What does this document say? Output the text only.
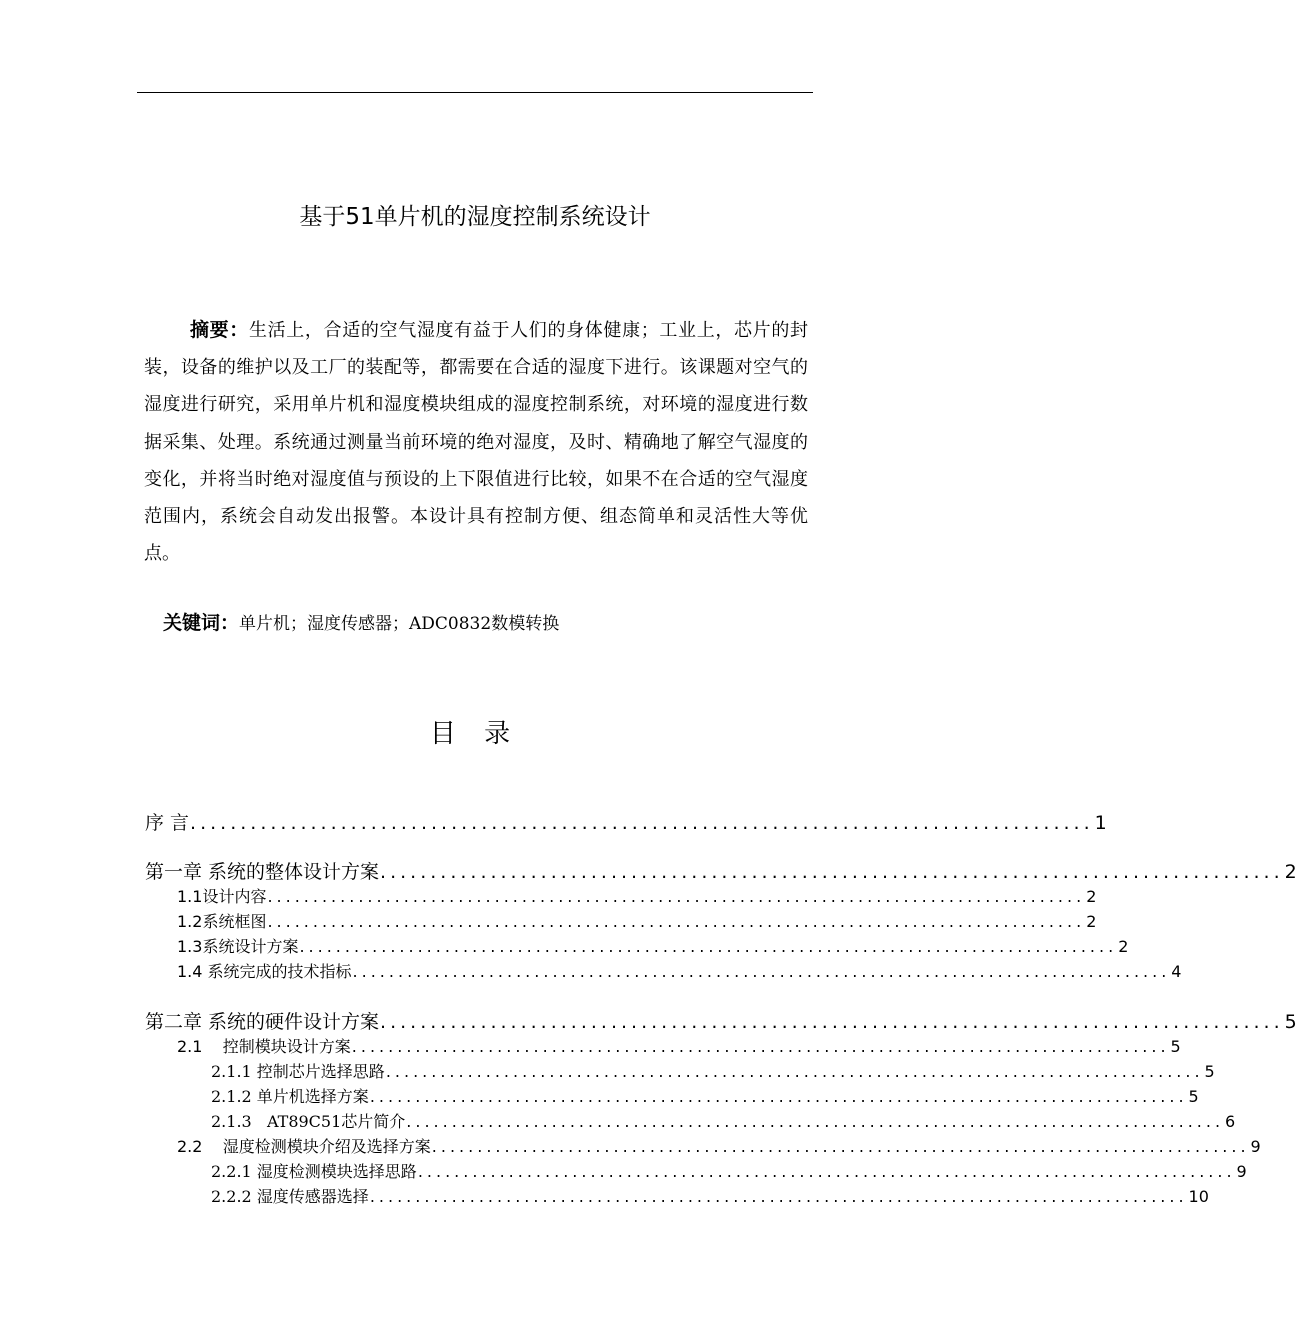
基于51单片机的湿度控制系统设计
摘要：生活上，合适的空气湿度有益于人们的身体健康；工业上，芯片的封装，设备的维护以及工厂的装配等，都需要在合适的湿度下进行。该课题对空气的湿度进行研究，采用单片机和湿度模块组成的湿度控制系统，对环境的湿度进行数据采集、处理。系统通过测量当前环境的绝对湿度，及时、精确地了解空气湿度的变化，并将当时绝对湿度值与预设的上下限值进行比较，如果不在合适的空气湿度范围内，系统会自动发出报警。本设计具有控制方便、组态简单和灵活性大等优点。
关键词：单片机；湿度传感器；ADC0832数模转换
目 录
序 言 .......................................................................................... 1
第一章 系统的整体设计方案 .......................................................................................... 2
1.1设计内容 .......................................................................................... 2
1.2系统框图 .......................................................................................... 2
1.3系统设计方案 .......................................................................................... 2
1.4 系统完成的技术指标 .......................................................................................... 4
第二章 系统的硬件设计方案 .......................................................................................... 5
2.1    控制模块设计方案 .......................................................................................... 5
2.1.1 控制芯片选择思路 .......................................................................................... 5
2.1.2 单片机选择方案 .......................................................................................... 5
2.1.3   AT89C51芯片简介 .......................................................................................... 6
2.2    湿度检测模块介绍及选择方案 .......................................................................................... 9
2.2.1 湿度检测模块选择思路 .......................................................................................... 9
2.2.2 湿度传感器选择 .......................................................................................... 10
